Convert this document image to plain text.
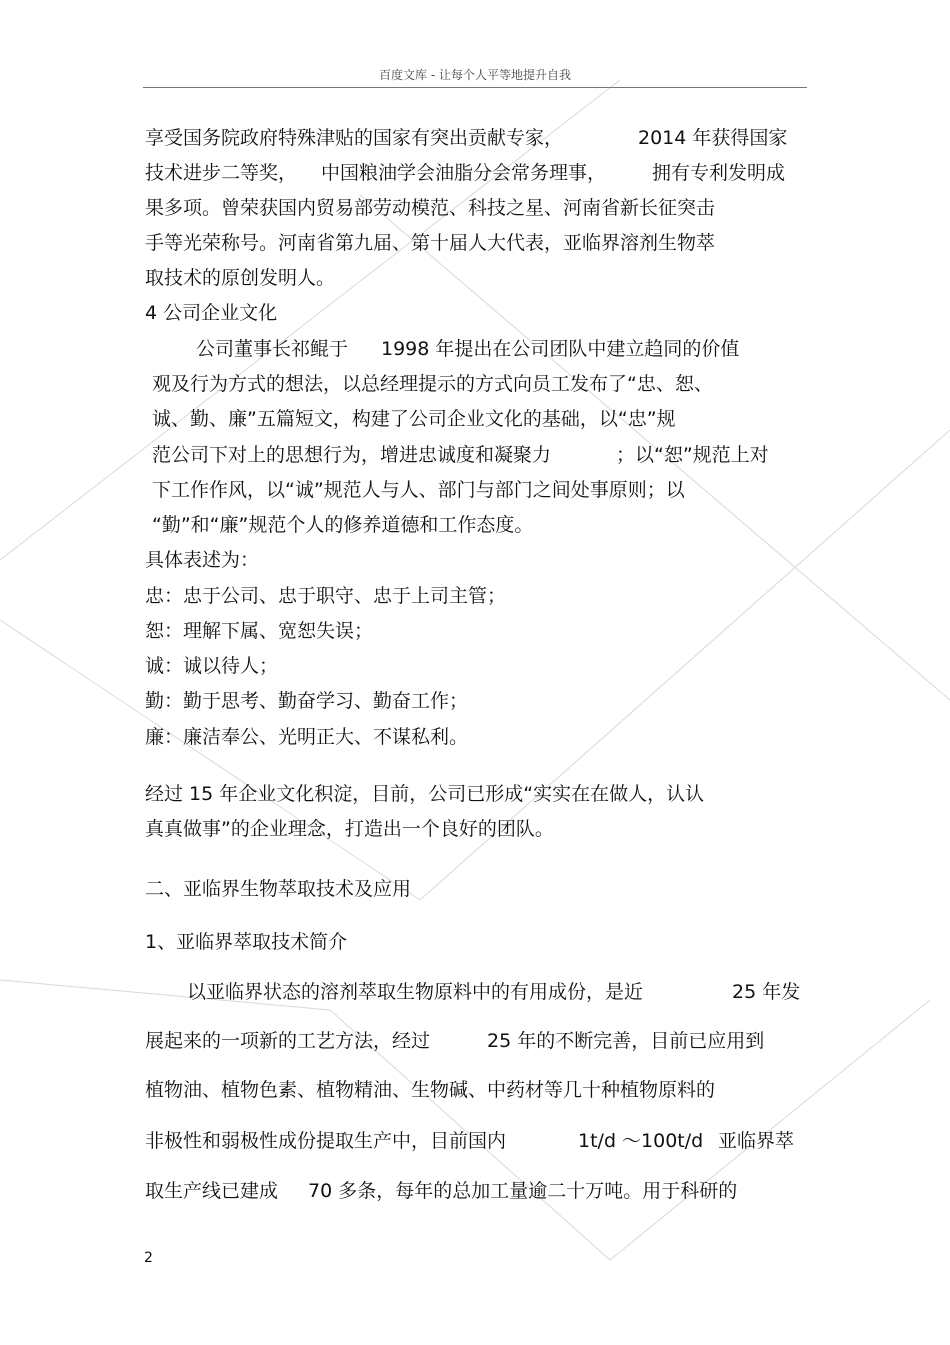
百度文库 - 让每个人平等地提升自我
享受国务院政府特殊津贴的国家有突出贡献专家，	2014 年获得国家
技术进步二等奖， 中国粮油学会油脂分会常务理事， 拥有专利发明成
果多项。曾荣获国内贸易部劳动模范、科技之星、河南省新长征突击
手等光荣称号。河南省第九届、第十届人大代表，亚临界溶剂生物萃
取技术的原创发明人。
4 公司企业文化
公司董事长祁鲲于 1998 年提出在公司团队中建立趋同的价值
观及行为方式的想法，以总经理提示的方式向员工发布了“忠、恕、
诚、勤、廉”五篇短文，构建了公司企业文化的基础，以“忠”规
范公司下对上的思想行为，增进忠诚度和凝聚力	；以“恕”规范上对
下工作作风，以“诚”规范人与人、部门与部门之间处事原则；以
“勤”和“廉”规范个人的修养道德和工作态度。
具体表述为：
忠：忠于公司、忠于职守、忠于上司主管；
恕：理解下属、宽恕失误；
诚：诚以待人；
勤：勤于思考、勤奋学习、勤奋工作；
廉：廉洁奉公、光明正大、不谋私利。
经过 15 年企业文化积淀，目前，公司已形成“实实在在做人，认认
真真做事”的企业理念，打造出一个良好的团队。
二、亚临界生物萃取技术及应用
1、亚临界萃取技术简介
以亚临界状态的溶剂萃取生物原料中的有用成份，是近	25 年发
展起来的一项新的工艺方法，经过	25 年的不断完善，目前已应用到
植物油、植物色素、植物精油、生物碱、中药材等几十种植物原料的
非极性和弱极性成份提取生产中，目前国内	1t/d ～100t/d 亚临界萃
取生产线已建成 70 多条，每年的总加工量逾二十万吨。用于科研的
2
